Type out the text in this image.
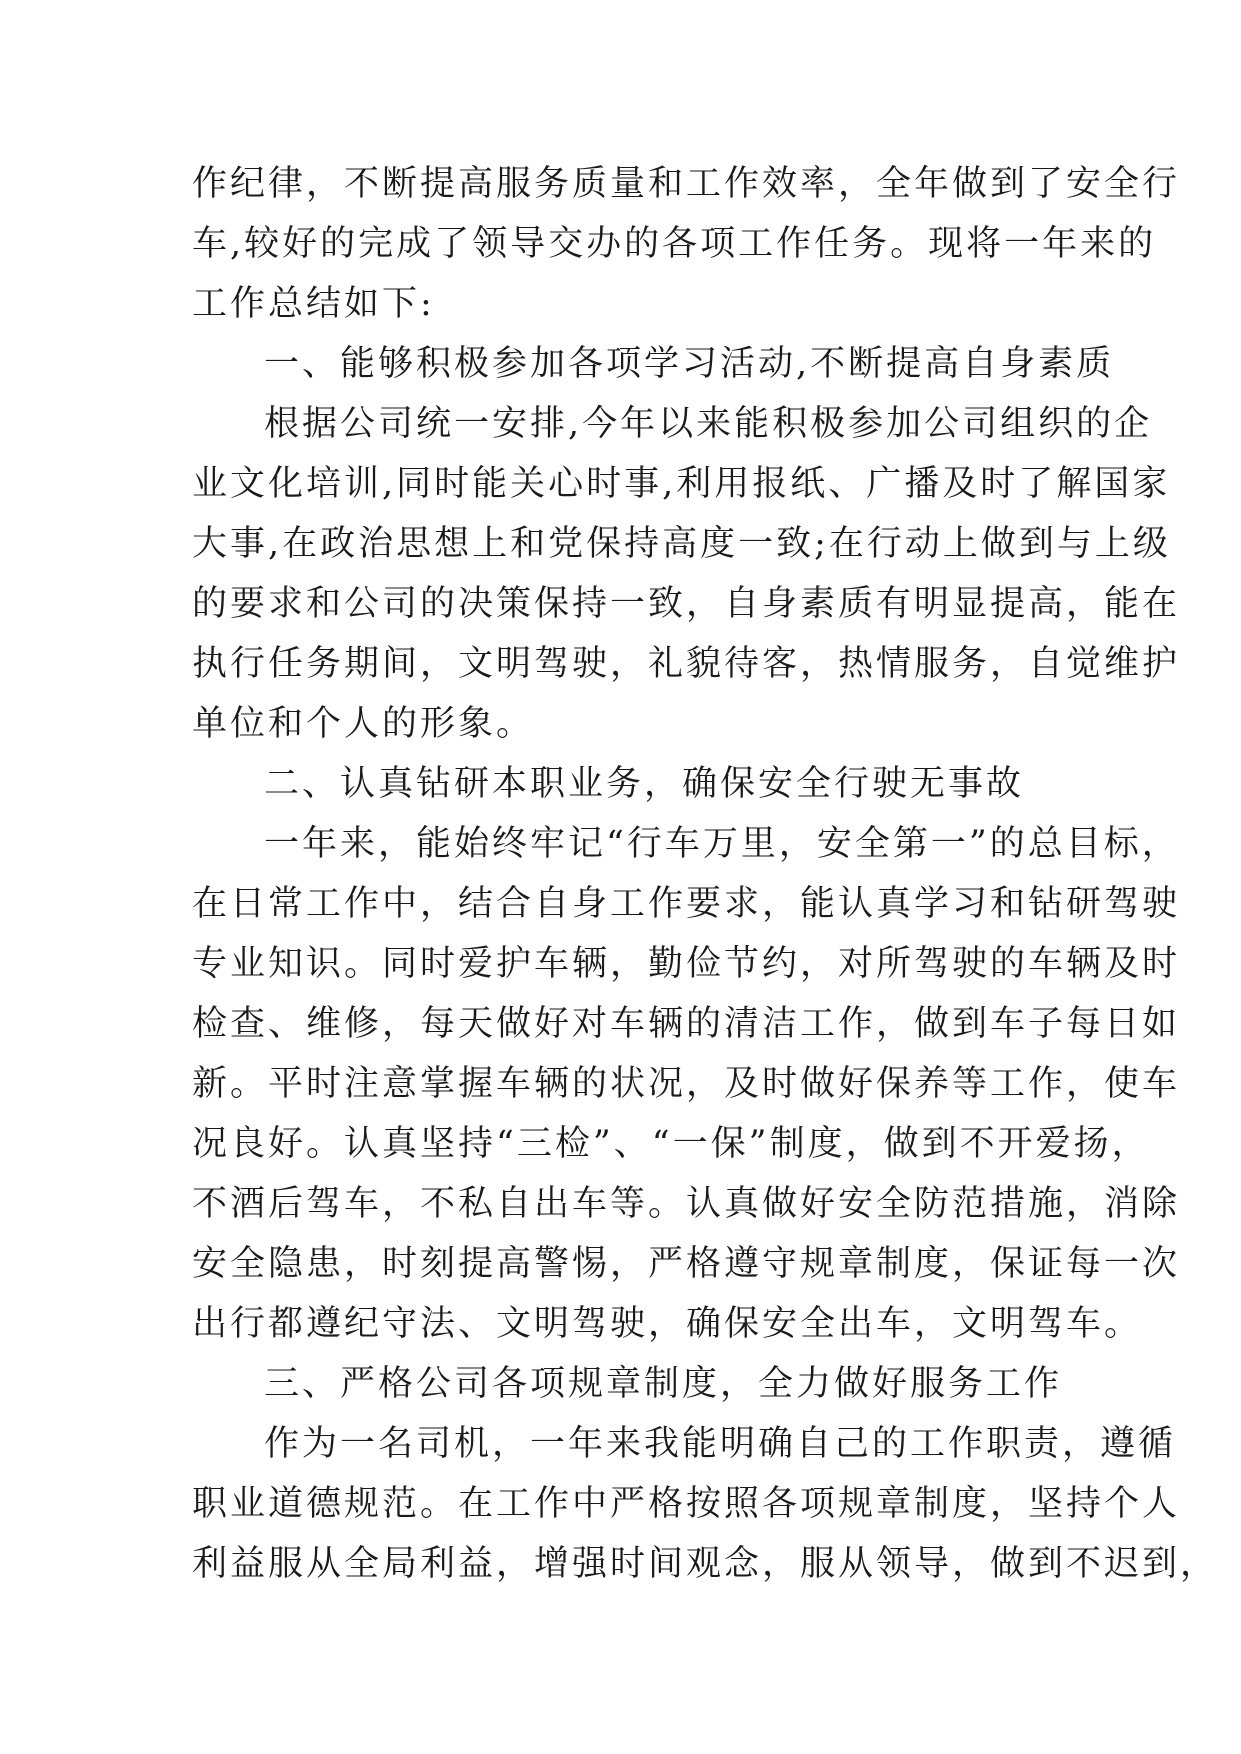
作纪律，不断提高服务质量和工作效率，全年做到了安全行
车,较好的完成了领导交办的各项工作任务。现将一年来的
工作总结如下:
一、能够积极参加各项学习活动,不断提高自身素质
根据公司统一安排,今年以来能积极参加公司组织的企
业文化培训,同时能关心时事,利用报纸、广播及时了解国家
大事,在政治思想上和党保持高度一致;在行动上做到与上级
的要求和公司的决策保持一致，自身素质有明显提高，能在
执行任务期间，文明驾驶，礼貌待客，热情服务，自觉维护
单位和个人的形象。
二、认真钻研本职业务，确保安全行驶无事故
一年来，能始终牢记“行车万里，安全第一”的总目标，
在日常工作中，结合自身工作要求，能认真学习和钻研驾驶
专业知识。同时爱护车辆，勤俭节约，对所驾驶的车辆及时
检查、维修，每天做好对车辆的清洁工作，做到车子每日如
新。平时注意掌握车辆的状况，及时做好保养等工作，使车
况良好。认真坚持“三检”、“一保”制度，做到不开爱扬，
不酒后驾车，不私自出车等。认真做好安全防范措施，消除
安全隐患，时刻提高警惕，严格遵守规章制度，保证每一次
出行都遵纪守法、文明驾驶，确保安全出车，文明驾车。
三、严格公司各项规章制度，全力做好服务工作
作为一名司机，一年来我能明确自己的工作职责，遵循
职业道德规范。在工作中严格按照各项规章制度，坚持个人
利益服从全局利益，增强时间观念，服从领导，做到不迟到，
